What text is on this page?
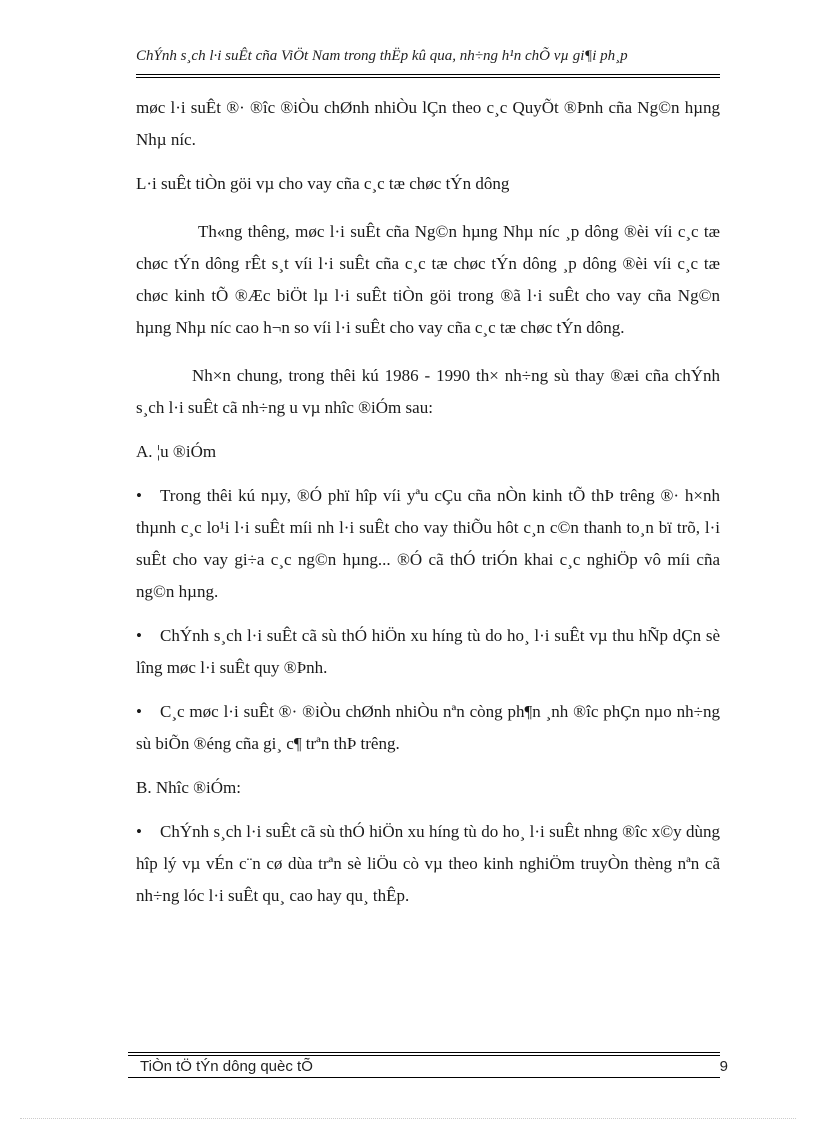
ChÝnh s¸ch l·i suÊt cña ViÖt Nam trong thËp kû qua, nh÷ng h¹n chÕ vµ gi¶i ph¸p

møc l·i suÊt ®· ®îc ®iÒu chØnh nhiÒu lÇn theo c¸c QuyÕt ®Þnh cña Ng©n hµng Nhµ níc.

L·i suÊt tiÒn göi vµ cho vay cña c¸c tæ chøc tÝn dông

Th«ng thêng, møc l·i suÊt cña Ng©n hµng Nhµ níc ¸p dông ®èi víi c¸c tæ chøc tÝn dông rÊt s¸t víi l·i suÊt cña c¸c tæ chøc tÝn dông ¸p dông ®èi víi c¸c tæ chøc kinh tÕ ®Æc biÖt lµ l·i suÊt tiÒn göi trong ®ã l·i suÊt cho vay cña Ng©n hµng Nhµ níc cao h¬n so víi l·i suÊt cho vay cña c¸c tæ chøc tÝn dông.

Nh×n chung, trong thêi kú 1986 - 1990 th× nh÷ng sù thay ®æi cña chÝnh s¸ch l·i suÊt cã nh÷ng u vµ nhîc ®iÓm sau:

A. ¦u ®iÓm

• Trong thêi kú nµy, ®Ó phï hîp víi yªu cÇu cña nÒn kinh tÕ thÞ trêng ®· h×nh thµnh c¸c lo¹i l·i suÊt míi nh l·i suÊt cho vay thiÕu hôt c¸n c©n thanh to¸n bï trõ, l·i suÊt cho vay gi÷a c¸c ng©n hµng... ®Ó cã thÓ triÓn khai c¸c nghiÖp vô míi cña ng©n hµng.

• ChÝnh s¸ch l·i suÊt cã sù thÓ hiÖn xu híng tù do ho¸ l·i suÊt vµ thu hÑp dÇn sè lîng møc l·i suÊt quy ®Þnh.

• C¸c møc l·i suÊt ®· ®iÒu chØnh nhiÒu nªn còng ph¶n ¸nh ®îc phÇn nµo nh÷ng sù biÕn ®éng cña gi¸ c¶ trªn thÞ trêng.

B. Nhîc ®iÓm:

• ChÝnh s¸ch l·i suÊt cã sù thÓ hiÖn xu híng tù do ho¸ l·i suÊt nhng ®îc x©y dùng hîp lý vµ vÉn c¨n cø dùa trªn sè liÖu cò vµ theo kinh nghiÖm truyÒn thèng nªn cã nh÷ng lóc l·i suÊt qu¸ cao hay qu¸ thÊp.

TiÒn tÖ tÝn dông quèc tÕ	9
